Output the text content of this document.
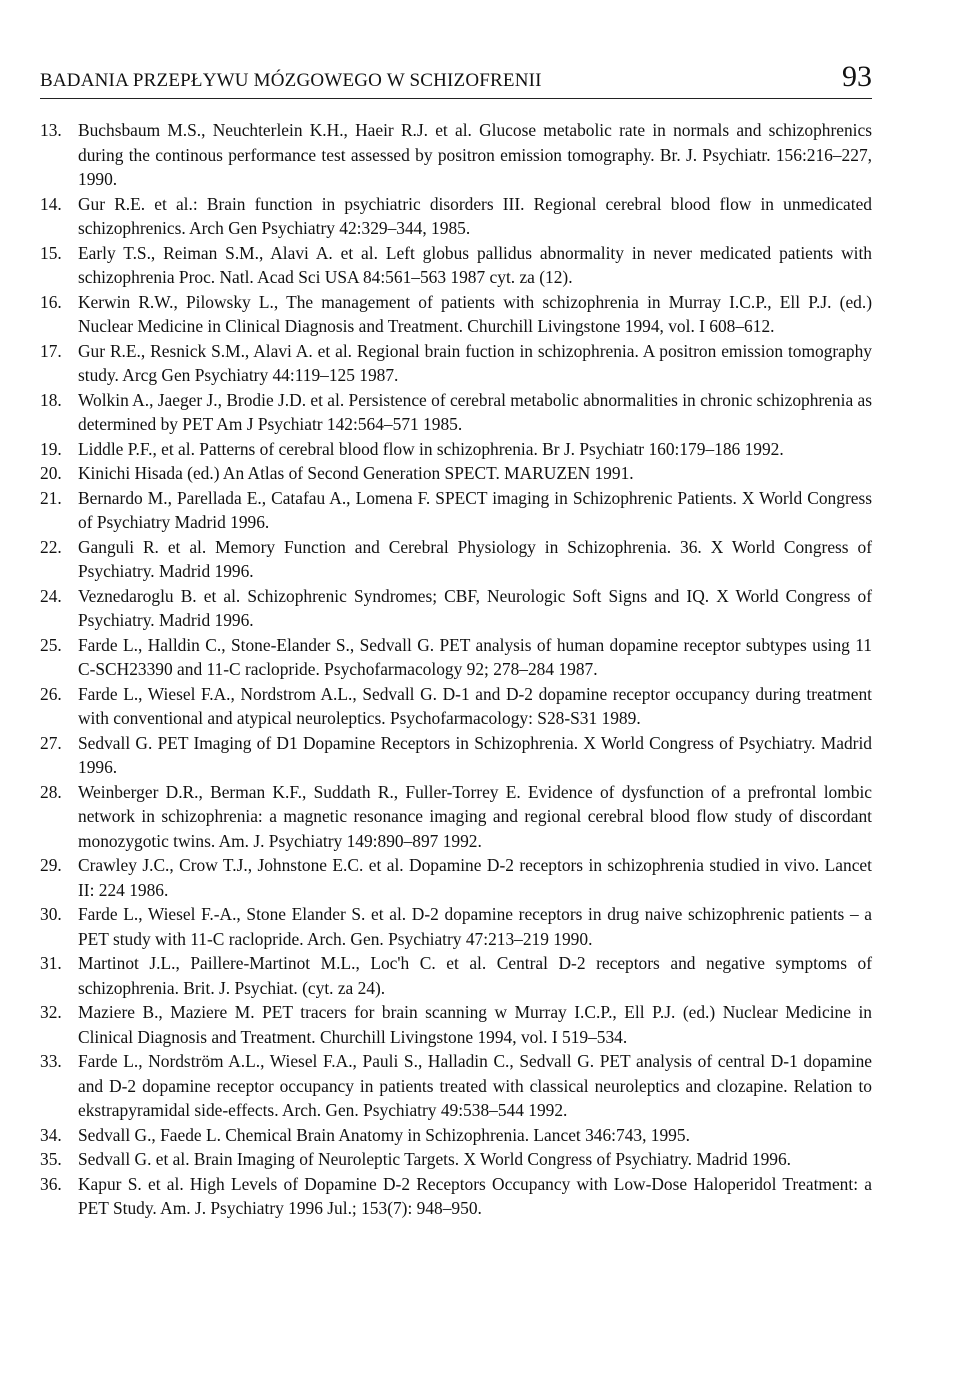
BADANIA PRZEPŁYWU MÓZGOWEGO W SCHIZOFRENII	93
13. Buchsbaum M.S., Neuchterlein K.H., Haeir R.J. et al. Glucose metabolic rate in normals and schizophrenics during the continous performance test assessed by positron emission tomography. Br. J. Psychiatr. 156:216–227, 1990.
14. Gur R.E. et al.: Brain function in psychiatric disorders III. Regional cerebral blood flow in unmedicated schizophrenics. Arch Gen Psychiatry 42:329–344, 1985.
15. Early T.S., Reiman S.M., Alavi A. et al. Left globus pallidus abnormality in never medicated patients with schizophrenia Proc. Natl. Acad Sci USA 84:561–563 1987 cyt. za (12).
16. Kerwin R.W., Pilowsky L., The management of patients with schizophrenia in Murray I.C.P., Ell P.J. (ed.) Nuclear Medicine in Clinical Diagnosis and Treatment. Churchill Livingstone 1994, vol. I 608–612.
17. Gur R.E., Resnick S.M., Alavi A. et al. Regional brain fuction in schizophrenia. A positron emission tomography study. Arcg Gen Psychiatry 44:119–125 1987.
18. Wolkin A., Jaeger J., Brodie J.D. et al. Persistence of cerebral metabolic abnormalities in chronic schizophrenia as determined by PET Am J Psychiatr 142:564–571 1985.
19. Liddle P.F., et al. Patterns of cerebral blood flow in schizophrenia. Br J. Psychiatr 160:179–186 1992.
20. Kinichi Hisada (ed.) An Atlas of Second Generation SPECT. MARUZEN 1991.
21. Bernardo M., Parellada E., Catafau A., Lomena F. SPECT imaging in Schizophrenic Patients. X World Congress of Psychiatry Madrid 1996.
22. Ganguli R. et al. Memory Function and Cerebral Physiology in Schizophrenia. 36. X World Congress of Psychiatry. Madrid 1996.
24. Veznedaroglu B. et al. Schizophrenic Syndromes; CBF, Neurologic Soft Signs and IQ. X World Congress of Psychiatry. Madrid 1996.
25. Farde L., Halldin C., Stone-Elander S., Sedvall G. PET analysis of human dopamine receptor subtypes using 11 C-SCH23390 and 11-C raclopride. Psychofarmacology 92; 278–284 1987.
26. Farde L., Wiesel F.A., Nordstrom A.L., Sedvall G. D-1 and D-2 dopamine receptor occupancy during treatment with conventional and atypical neuroleptics. Psychofarmacology: S28-S31 1989.
27. Sedvall G. PET Imaging of D1 Dopamine Receptors in Schizophrenia. X World Congress of Psychiatry. Madrid 1996.
28. Weinberger D.R., Berman K.F., Suddath R., Fuller-Torrey E. Evidence of dysfunction of a prefrontal lombic network in schizophrenia: a magnetic resonance imaging and regional cerebral blood flow study of discordant monozygotic twins. Am. J. Psychiatry 149:890–897 1992.
29. Crawley J.C., Crow T.J., Johnstone E.C. et al. Dopamine D-2 receptors in schizophrenia studied in vivo. Lancet II: 224 1986.
30. Farde L., Wiesel F.-A., Stone Elander S. et al. D-2 dopamine receptors in drug naive schizophrenic patients – a PET study with 11-C raclopride. Arch. Gen. Psychiatry 47:213–219 1990.
31. Martinot J.L., Paillere-Martinot M.L., Loc'h C. et al. Central D-2 receptors and negative symptoms of schizophrenia. Brit. J. Psychiat. (cyt. za 24).
32. Maziere B., Maziere M. PET tracers for brain scanning w Murray I.C.P., Ell P.J. (ed.) Nuclear Medicine in Clinical Diagnosis and Treatment. Churchill Livingstone 1994, vol. I 519–534.
33. Farde L., Nordström A.L., Wiesel F.A., Pauli S., Halladin C., Sedvall G. PET analysis of central D-1 dopamine and D-2 dopamine receptor occupancy in patients treated with classical neuroleptics and clozapine. Relation to ekstrapyramidal side-effects. Arch. Gen. Psychiatry 49:538–544 1992.
34. Sedvall G., Faede L. Chemical Brain Anatomy in Schizophrenia. Lancet 346:743, 1995.
35. Sedvall G. et al. Brain Imaging of Neuroleptic Targets. X World Congress of Psychiatry. Madrid 1996.
36. Kapur S. et al. High Levels of Dopamine D-2 Receptors Occupancy with Low-Dose Haloperidol Treatment: a PET Study. Am. J. Psychiatry 1996 Jul.; 153(7): 948–950.
